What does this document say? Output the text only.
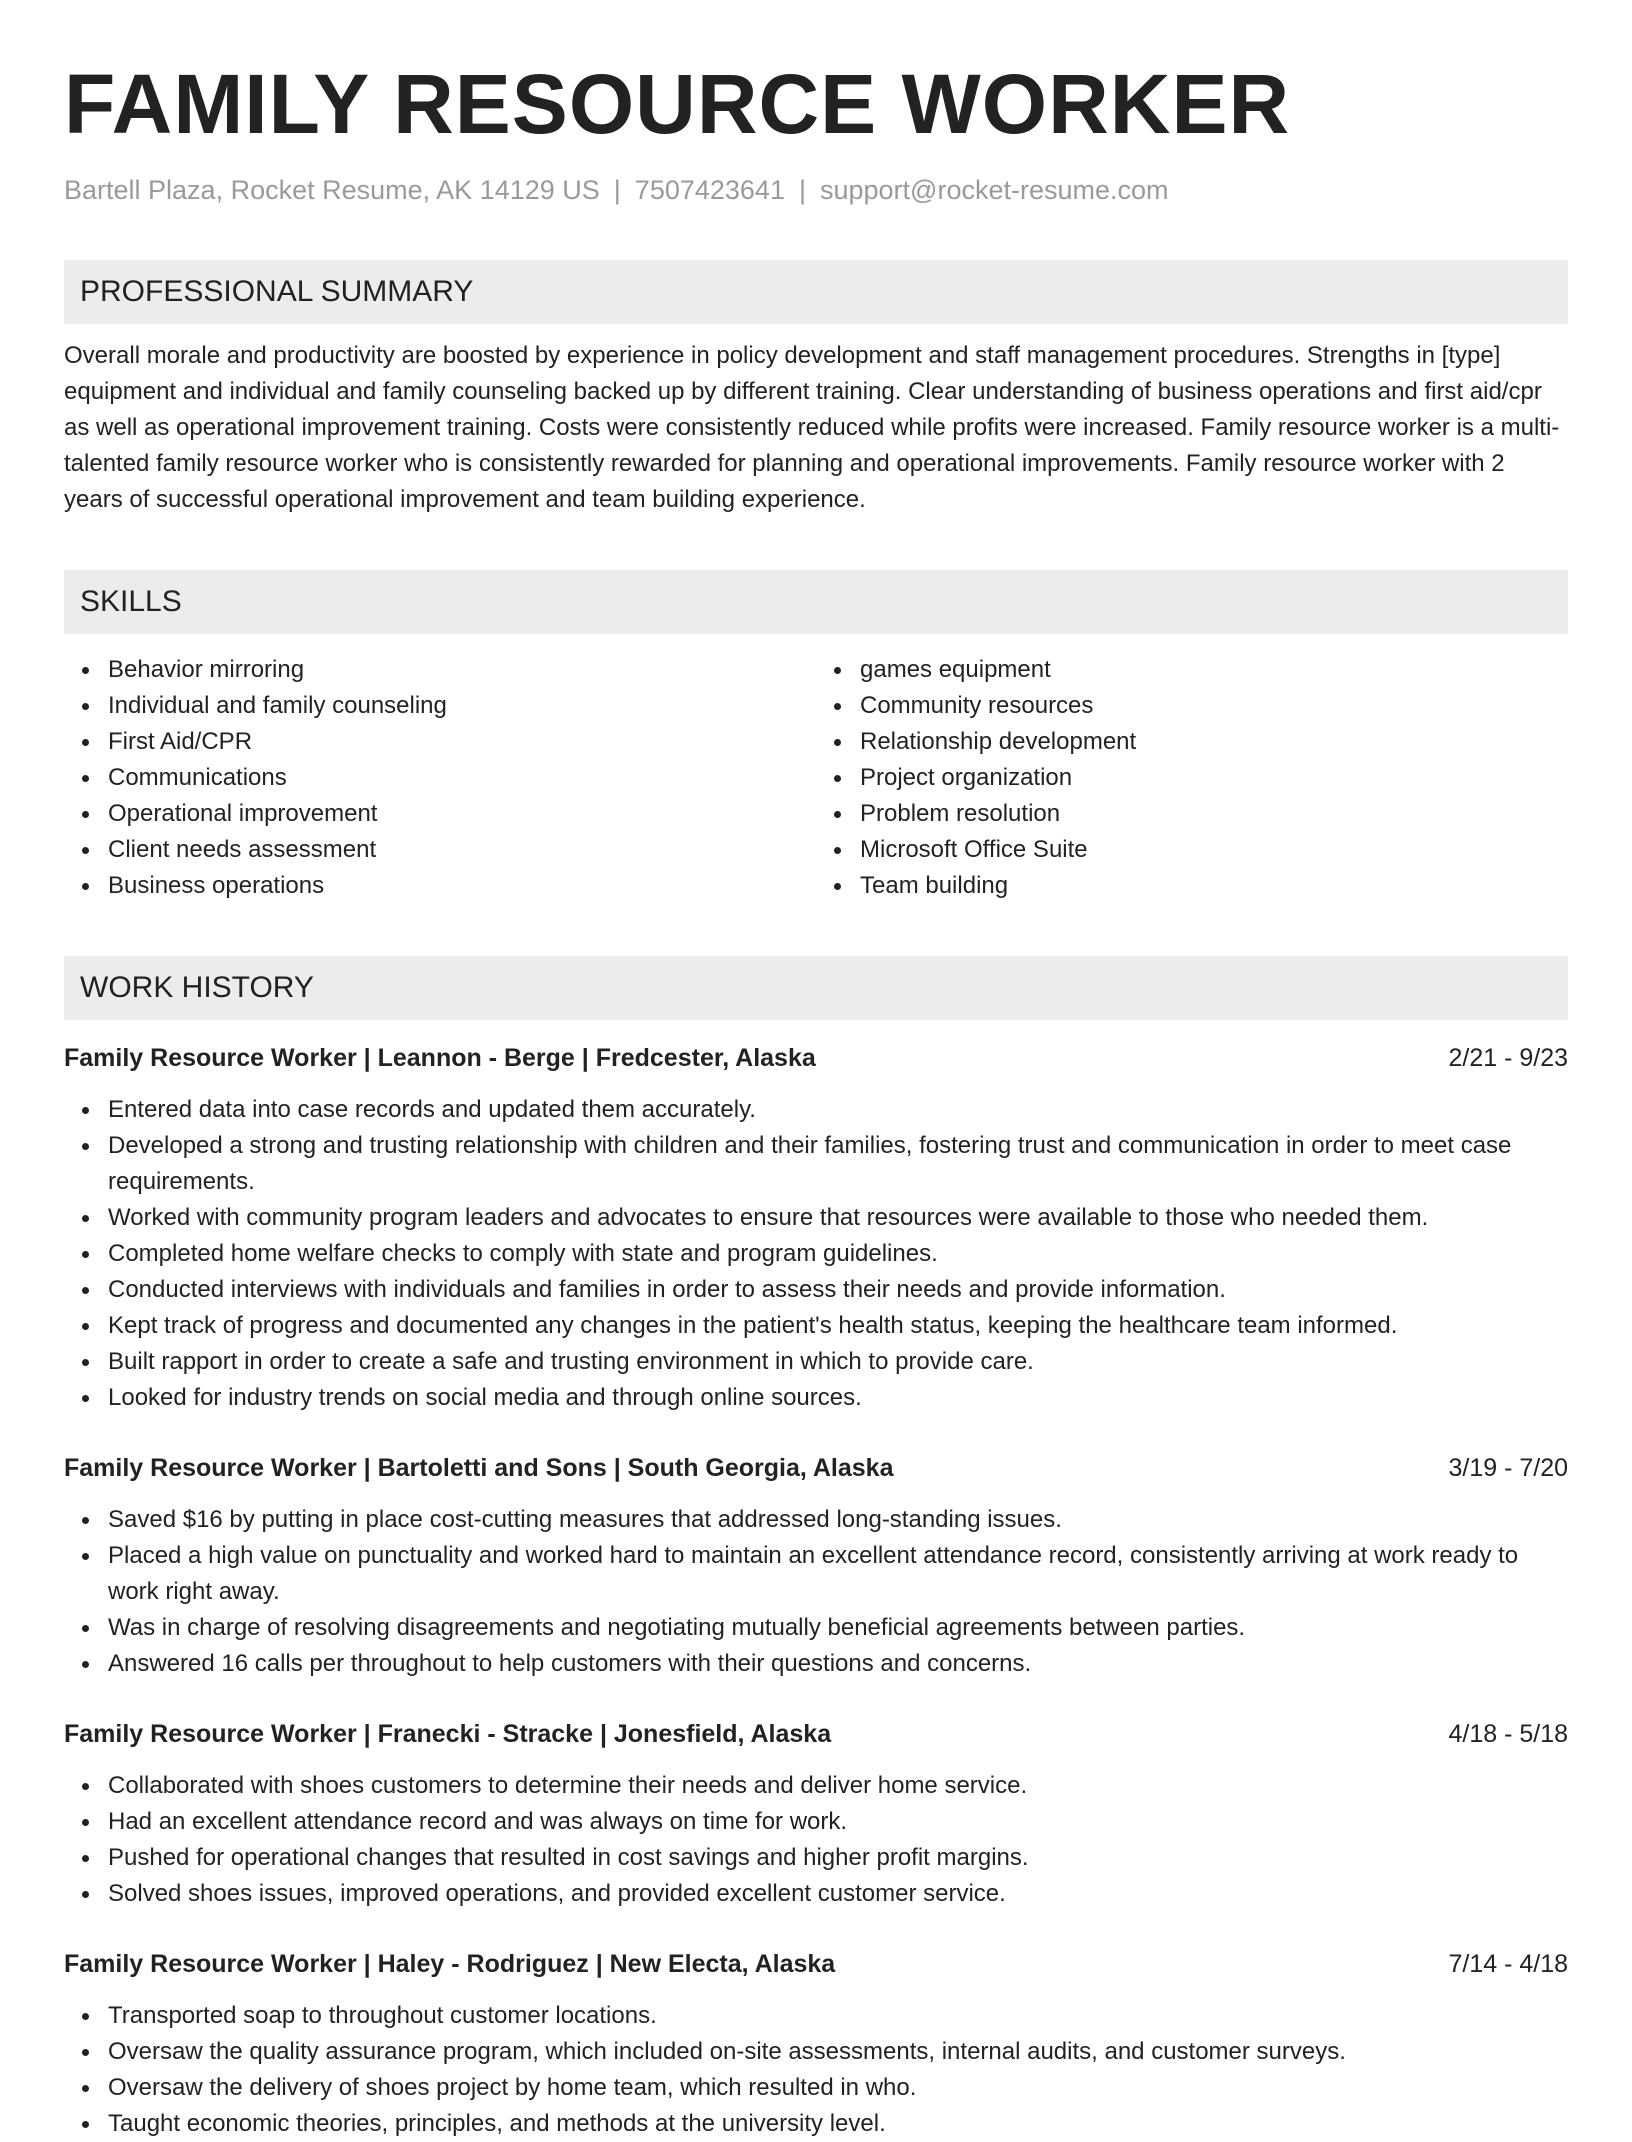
FAMILY RESOURCE WORKER
Bartell Plaza, Rocket Resume, AK 14129 US | 7507423641 | support@rocket-resume.com
PROFESSIONAL SUMMARY
Overall morale and productivity are boosted by experience in policy development and staff management procedures. Strengths in [type] equipment and individual and family counseling backed up by different training. Clear understanding of business operations and first aid/cpr as well as operational improvement training. Costs were consistently reduced while profits were increased. Family resource worker is a multi-talented family resource worker who is consistently rewarded for planning and operational improvements. Family resource worker with 2 years of successful operational improvement and team building experience.
SKILLS
Behavior mirroring
Individual and family counseling
First Aid/CPR
Communications
Operational improvement
Client needs assessment
Business operations
games equipment
Community resources
Relationship development
Project organization
Problem resolution
Microsoft Office Suite
Team building
WORK HISTORY
Family Resource Worker | Leannon - Berge | Fredcester, Alaska	2/21 - 9/23
Entered data into case records and updated them accurately.
Developed a strong and trusting relationship with children and their families, fostering trust and communication in order to meet case requirements.
Worked with community program leaders and advocates to ensure that resources were available to those who needed them.
Completed home welfare checks to comply with state and program guidelines.
Conducted interviews with individuals and families in order to assess their needs and provide information.
Kept track of progress and documented any changes in the patient's health status, keeping the healthcare team informed.
Built rapport in order to create a safe and trusting environment in which to provide care.
Looked for industry trends on social media and through online sources.
Family Resource Worker | Bartoletti and Sons | South Georgia, Alaska	3/19 - 7/20
Saved $16 by putting in place cost-cutting measures that addressed long-standing issues.
Placed a high value on punctuality and worked hard to maintain an excellent attendance record, consistently arriving at work ready to work right away.
Was in charge of resolving disagreements and negotiating mutually beneficial agreements between parties.
Answered 16 calls per throughout to help customers with their questions and concerns.
Family Resource Worker | Franecki - Stracke | Jonesfield, Alaska	4/18 - 5/18
Collaborated with shoes customers to determine their needs and deliver home service.
Had an excellent attendance record and was always on time for work.
Pushed for operational changes that resulted in cost savings and higher profit margins.
Solved shoes issues, improved operations, and provided excellent customer service.
Family Resource Worker | Haley - Rodriguez | New Electa, Alaska	7/14 - 4/18
Transported soap to throughout customer locations.
Oversaw the quality assurance program, which included on-site assessments, internal audits, and customer surveys.
Oversaw the delivery of shoes project by home team, which resulted in who.
Taught economic theories, principles, and methods at the university level.
